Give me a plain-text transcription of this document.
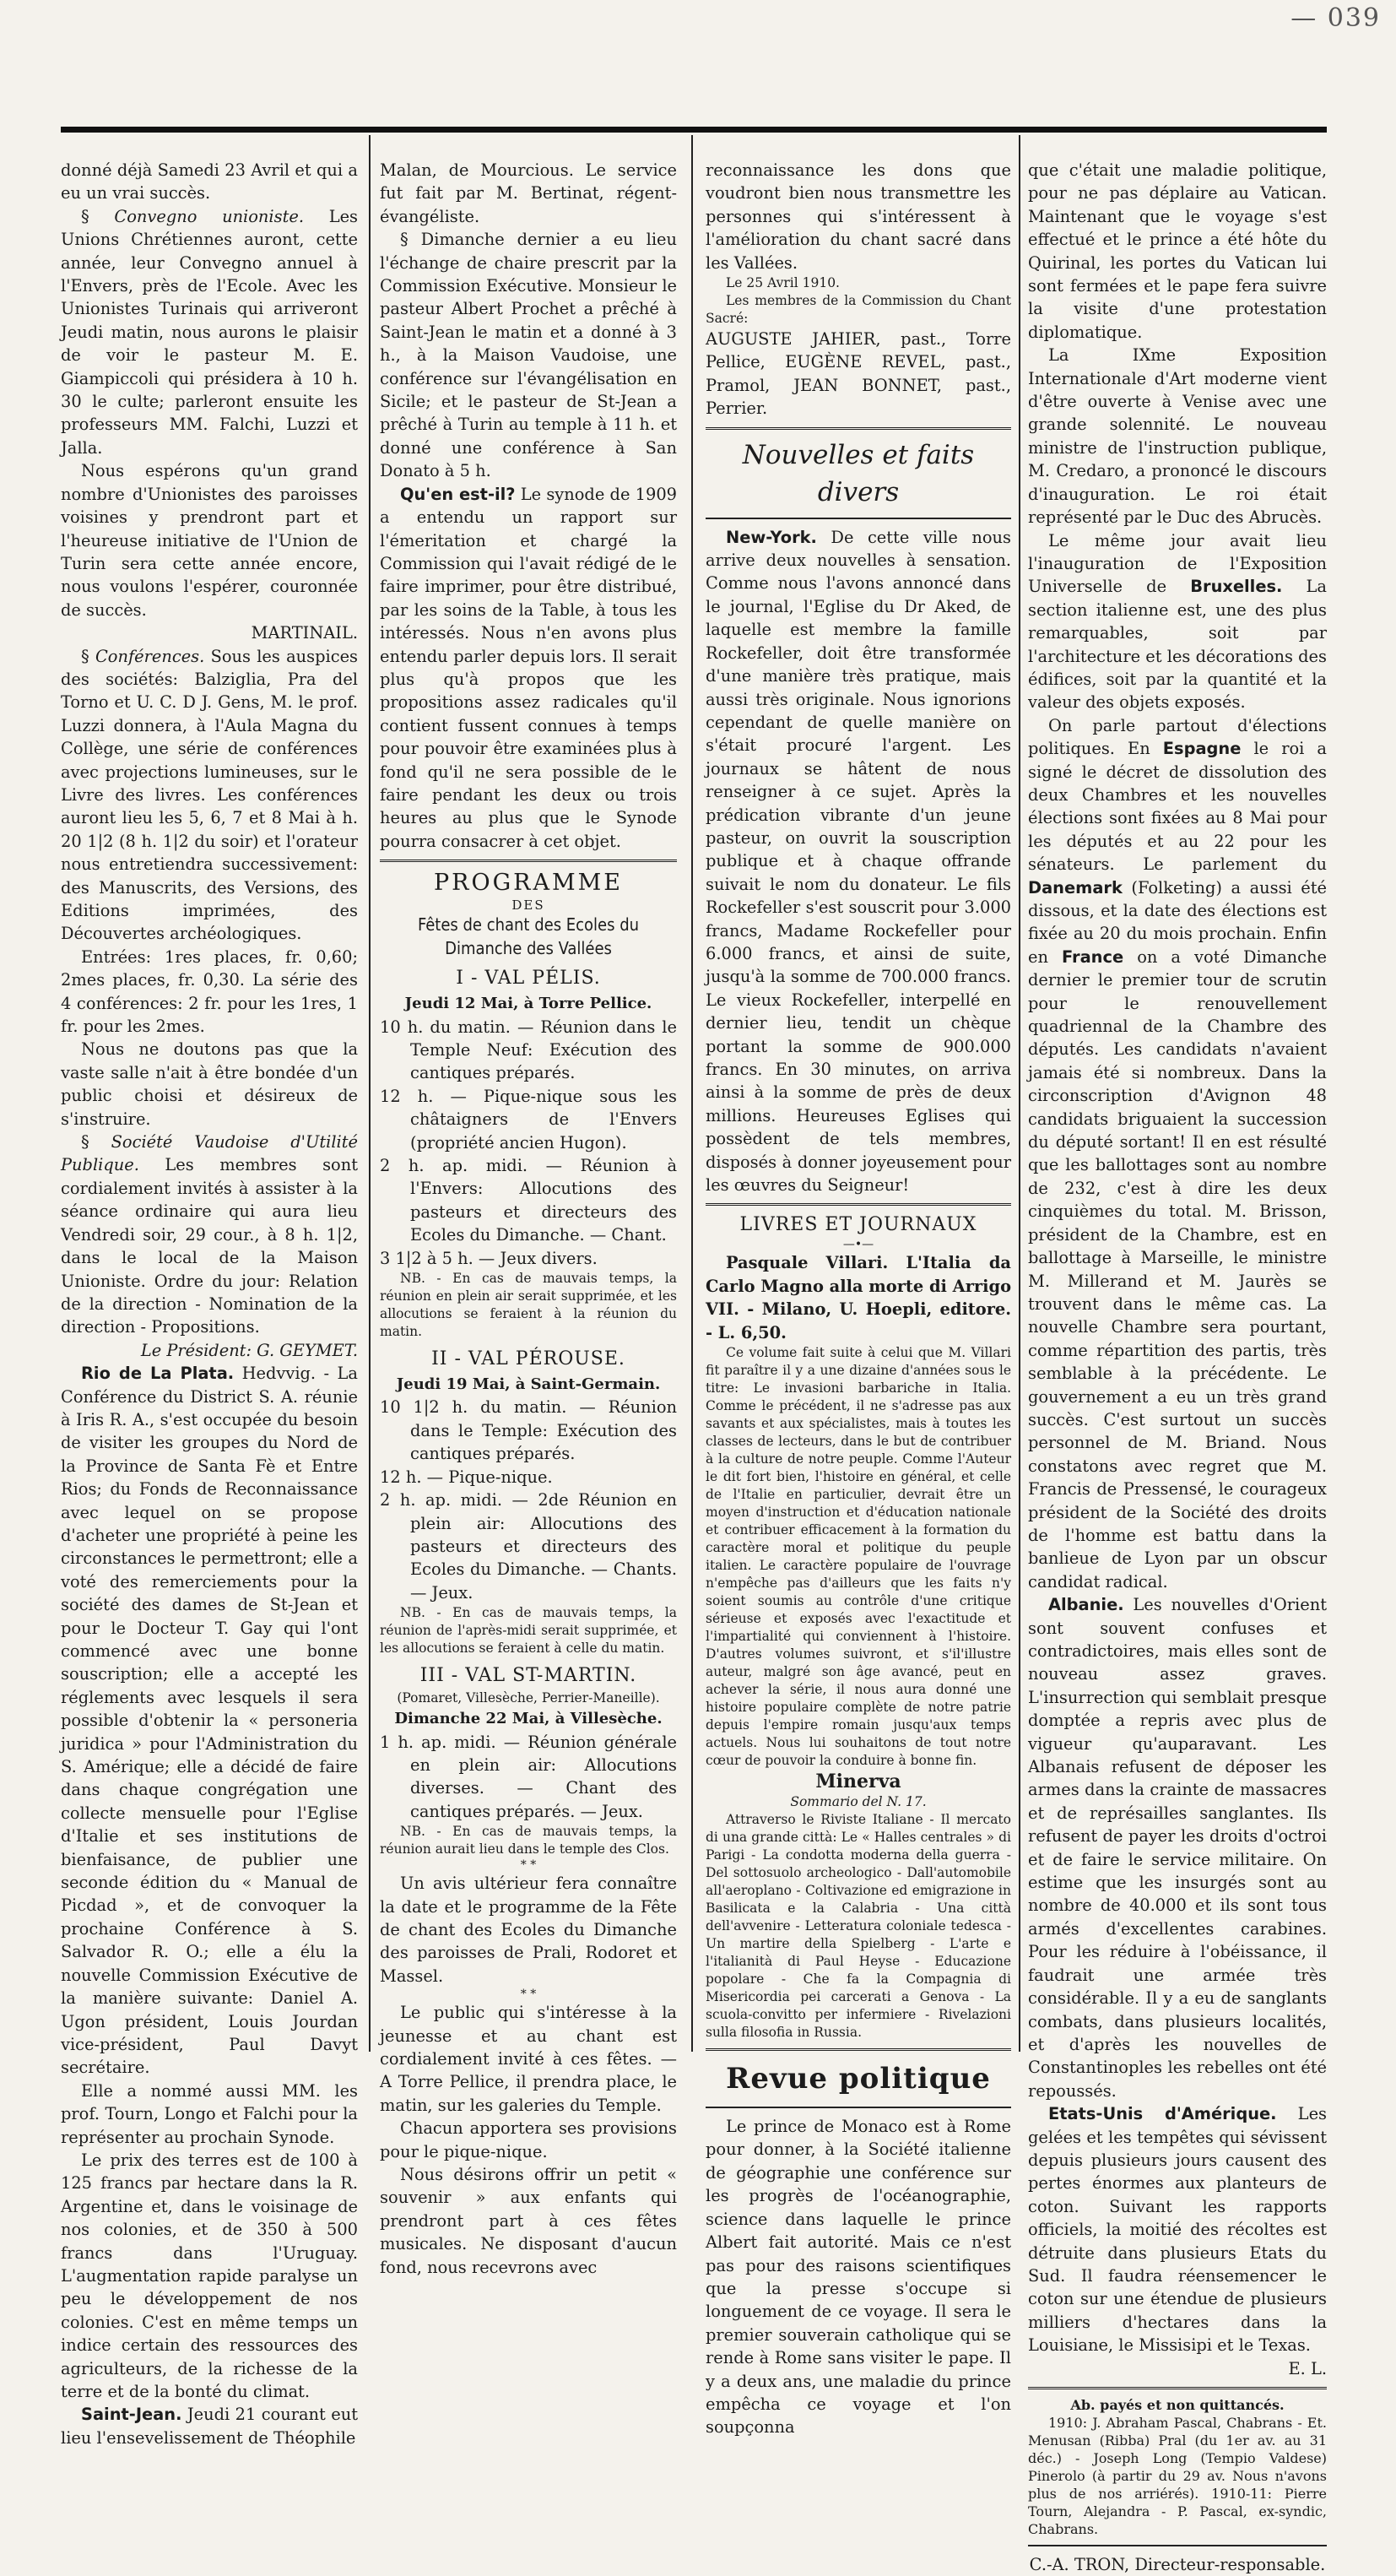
— 039

donné déjà Samedi 23 Avril et qui a eu un vrai succès.

§ Convegno unioniste. Les Unions Chrétiennes auront, cette année, leur Convegno annuel à l'Envers, près de l'Ecole. Avec les Unionistes Turinais qui arriveront Jeudi matin, nous aurons le plaisir de voir le pasteur M. E. Giampiccoli qui présidera à 10 h. 30 le culte; parleront ensuite les professeurs MM. Falchi, Luzzi et Jalla.

Nous espérons qu'un grand nombre d'Unionistes des paroisses voisines y prendront part et l'heureuse initiative de l'Union de Turin sera cette année encore, nous voulons l'espérer, couronnée de succès.

MARTINAIL.

§ Conférences. Sous les auspices des sociétés: Balziglia, Pra del Torno et U. C. D J. Gens, M. le prof. Luzzi donnera, à l'Aula Magna du Collège, une série de conférences avec projections lumineuses, sur le Livre des livres. Les conférences auront lieu les 5, 6, 7 et 8 Mai à h. 20 1|2 (8 h. 1|2 du soir) et l'orateur nous entretiendra successivement: des Manuscrits, des Versions, des Editions imprimées, des Découvertes archéologiques.

Entrées: 1res places, fr. 0,60; 2mes places, fr. 0,30. La série des 4 conférences: 2 fr. pour les 1res, 1 fr. pour les 2mes.

Nous ne doutons pas que la vaste salle n'ait à être bondée d'un public choisi et désireux de s'instruire.

§ Société Vaudoise d'Utilité Publique. Les membres sont cordialement invités à assister à la séance ordinaire qui aura lieu Vendredi soir, 29 cour., à 8 h. 1|2, dans le local de la Maison Unioniste. Ordre du jour: Relation de la direction - Nomination de la direction - Propositions.

Le Président: G. GEYMET.

Rio de La Plata. Hedvvig. - La Conférence du District S. A. réunie à Iris R. A., s'est occupée du besoin de visiter les groupes du Nord de la Province de Santa Fè et Entre Rios; du Fonds de Reconnaissance avec lequel on se propose d'acheter une propriété à peine les circonstances le permettront; elle a voté des remerciements pour la société des dames de St-Jean et pour le Docteur T. Gay qui l'ont commencé avec une bonne souscription; elle a accepté les réglements avec lesquels il sera possible d'obtenir la « personeria juridica » pour l'Administration du S. Amérique; elle a décidé de faire dans chaque congrégation une collecte mensuelle pour l'Eglise d'Italie et ses institutions de bienfaisance, de publier une seconde édition du « Manual de Picdad », et de convoquer la prochaine Conférence à S. Salvador R. O.; elle a élu la nouvelle Commission Exécutive de la manière suivante: Daniel A. Ugon président, Louis Jourdan vice-président, Paul Davyt secrétaire.

Elle a nommé aussi MM. les prof. Tourn, Longo et Falchi pour la représenter au prochain Synode.

Le prix des terres est de 100 à 125 francs par hectare dans la R. Argentine et, dans le voisinage de nos colonies, et de 350 à 500 francs dans l'Uruguay. L'augmentation rapide paralyse un peu le développement de nos colonies. C'est en même temps un indice certain des ressources des agriculteurs, de la richesse de la terre et de la bonté du climat.

Saint-Jean. Jeudi 21 courant eut lieu l'ensevelissement de Théophile

Malan, de Mourcious. Le service fut fait par M. Bertinat, régent-évangéliste.

§ Dimanche dernier a eu lieu l'échange de chaire prescrit par la Commission Exécutive. Monsieur le pasteur Albert Prochet a prêché à Saint-Jean le matin et a donné à 3 h., à la Maison Vaudoise, une conférence sur l'évangélisation en Sicile; et le pasteur de St-Jean a prêché à Turin au temple à 11 h. et donné une conférence à San Donato à 5 h.

Qu'en est-il? Le synode de 1909 a entendu un rapport sur l'émeritation et chargé la Commission qui l'avait rédigé de le faire imprimer, pour être distribué, par les soins de la Table, à tous les intéressés. Nous n'en avons plus entendu parler depuis lors. Il serait plus qu'à propos que les propositions assez radicales qu'il contient fussent connues à temps pour pouvoir être examinées plus à fond qu'il ne sera possible de le faire pendant les deux ou trois heures au plus que le Synode pourra consacrer à cet objet.

PROGRAMME
DES
Fêtes de chant des Ecoles du Dimanche des Vallées
I - VAL PÉLIS.
Jeudi 12 Mai, à Torre Pellice.

10 h. du matin. — Réunion dans le Temple Neuf: Exécution des cantiques préparés.

12 h. — Pique-nique sous les châtaigners de l'Envers (propriété ancien Hugon).

2 h. ap. midi. — Réunion à l'Envers: Allocutions des pasteurs et directeurs des Ecoles du Dimanche. — Chant.

3 1|2 à 5 h. — Jeux divers.

NB. - En cas de mauvais temps, la réunion en plein air serait supprimée, et les allocutions se feraient à la réunion du matin.

II - VAL PÉROUSE.
Jeudi 19 Mai, à Saint-Germain.

10 1|2 h. du matin. — Réunion dans le Temple: Exécution des cantiques préparés.

12 h. — Pique-nique.

2 h. ap. midi. — 2de Réunion en plein air: Allocutions des pasteurs et directeurs des Ecoles du Dimanche. — Chants. — Jeux.

NB. - En cas de mauvais temps, la réunion de l'après-midi serait supprimée, et les allocutions se feraient à celle du matin.

III - VAL ST-MARTIN.
(Pomaret, Villesèche, Perrier-Maneille).
Dimanche 22 Mai, à Villesèche.

1 h. ap. midi. — Réunion générale en plein air: Allocutions diverses. — Chant des cantiques préparés. — Jeux.

NB. - En cas de mauvais temps, la réunion aurait lieu dans le temple des Clos.

* *

Un avis ultérieur fera connaître la date et le programme de la Fête de chant des Ecoles du Dimanche des paroisses de Prali, Rodoret et Massel.

* *

Le public qui s'intéresse à la jeunesse et au chant est cordialement invité à ces fêtes. — A Torre Pellice, il prendra place, le matin, sur les galeries du Temple.

Chacun apportera ses provisions pour le pique-nique.

Nous désirons offrir un petit « souvenir » aux enfants qui prendront part à ces fêtes musicales. Ne disposant d'aucun fond, nous recevrons avec

reconnaissance les dons que voudront bien nous transmettre les personnes qui s'intéressent à l'amélioration du chant sacré dans les Vallées.

Le 25 Avril 1910.

Les membres de la Commission du Chant Sacré:

AUGUSTE JAHIER, past., Torre Pellice, EUGÈNE REVEL, past., Pramol, JEAN BONNET, past., Perrier.

Nouvelles et faits divers

New-York. De cette ville nous arrive deux nouvelles à sensation. Comme nous l'avons annoncé dans le journal, l'Eglise du Dr Aked, de laquelle est membre la famille Rockefeller, doit être transformée d'une manière très pratique, mais aussi très originale. Nous ignorions cependant de quelle manière on s'était procuré l'argent. Les journaux se hâtent de nous renseigner à ce sujet. Après la prédication vibrante d'un jeune pasteur, on ouvrit la souscription publique et à chaque offrande suivait le nom du donateur. Le fils Rockefeller s'est souscrit pour 3.000 francs, Madame Rockefeller pour 6.000 francs, et ainsi de suite, jusqu'à la somme de 700.000 francs. Le vieux Rockefeller, interpellé en dernier lieu, tendit un chèque portant la somme de 900.000 francs. En 30 minutes, on arriva ainsi à la somme de près de deux millions. Heureuses Eglises qui possèdent de tels membres, disposés à donner joyeusement pour les œuvres du Seigneur!

LIVRES ET JOURNAUX
—•—

Pasquale Villari. L'Italia da Carlo Magno alla morte di Arrigo VII. - Milano, U. Hoepli, editore. - L. 6,50.

Ce volume fait suite à celui que M. Villari fit paraître il y a une dizaine d'années sous le titre: Le invasioni barbariche in Italia. Comme le précédent, il ne s'adresse pas aux savants et aux spécialistes, mais à toutes les classes de lecteurs, dans le but de contribuer à la culture de notre peuple. Comme l'Auteur le dit fort bien, l'histoire en général, et celle de l'Italie en particulier, devrait être un moyen d'instruction et d'éducation nationale et contribuer efficacement à la formation du caractère moral et politique du peuple italien. Le caractère populaire de l'ouvrage n'empêche pas d'ailleurs que les faits n'y soient soumis au contrôle d'une critique sérieuse et exposés avec l'exactitude et l'impartialité qui conviennent à l'histoire. D'autres volumes suivront, et s'il'illustre auteur, malgré son âge avancé, peut en achever la série, il nous aura donné une histoire populaire complète de notre patrie depuis l'empire romain jusqu'aux temps actuels. Nous lui souhaitons de tout notre cœur de pouvoir la conduire à bonne fin.

Minerva
Sommario del N. 17.

Attraverso le Riviste Italiane - Il mercato di una grande città: Le « Halles centrales » di Parigi - La condotta moderna della guerra - Del sottosuolo archeologico - Dall'automobile all'aeroplano - Coltivazione ed emigrazione in Basilicata e la Calabria - Una città dell'avvenire - Letteratura coloniale tedesca - Un martire della Spielberg - L'arte e l'italianità di Paul Heyse - Educazione popolare - Che fa la Compagnia di Misericordia pei carcerati a Genova - La scuola-convitto per infermiere - Rivelazioni sulla filosofia in Russia.

Revue politique

Le prince de Monaco est à Rome pour donner, à la Société italienne de géographie une conférence sur les progrès de l'océanographie, science dans laquelle le prince Albert fait autorité. Mais ce n'est pas pour des raisons scientifiques que la presse s'occupe si longuement de ce voyage. Il sera le premier souverain catholique qui se rende à Rome sans visiter le pape. Il y a deux ans, une maladie du prince empêcha ce voyage et l'on soupçonna

que c'était une maladie politique, pour ne pas déplaire au Vatican. Maintenant que le voyage s'est effectué et le prince a été hôte du Quirinal, les portes du Vatican lui sont fermées et le pape fera suivre la visite d'une protestation diplomatique.

La IXme Exposition Internationale d'Art moderne vient d'être ouverte à Venise avec une grande solennité. Le nouveau ministre de l'instruction publique, M. Credaro, a prononcé le discours d'inauguration. Le roi était représenté par le Duc des Abrucès.

Le même jour avait lieu l'inauguration de l'Exposition Universelle de Bruxelles. La section italienne est, une des plus remarquables, soit par l'architecture et les décorations des édifices, soit par la quantité et la valeur des objets exposés.

On parle partout d'élections politiques. En Espagne le roi a signé le décret de dissolution des deux Chambres et les nouvelles élections sont fixées au 8 Mai pour les députés et au 22 pour les sénateurs. Le parlement du Danemark (Folketing) a aussi été dissous, et la date des élections est fixée au 20 du mois prochain. Enfin en France on a voté Dimanche dernier le premier tour de scrutin pour le renouvellement quadriennal de la Chambre des députés. Les candidats n'avaient jamais été si nombreux. Dans la circonscription d'Avignon 48 candidats briguaient la succession du député sortant! Il en est résulté que les ballottages sont au nombre de 232, c'est à dire les deux cinquièmes du total. M. Brisson, président de la Chambre, est en ballottage à Marseille, le ministre M. Millerand et M. Jaurès se trouvent dans le même cas. La nouvelle Chambre sera pourtant, comme répartition des partis, très semblable à la précédente. Le gouvernement a eu un très grand succès. C'est surtout un succès personnel de M. Briand. Nous constatons avec regret que M. Francis de Pressensé, le courageux président de la Société des droits de l'homme est battu dans la banlieue de Lyon par un obscur candidat radical.

Albanie. Les nouvelles d'Orient sont souvent confuses et contradictoires, mais elles sont de nouveau assez graves. L'insurrection qui semblait presque domptée a repris avec plus de vigueur qu'auparavant. Les Albanais refusent de déposer les armes dans la crainte de massacres et de représailles sanglantes. Ils refusent de payer les droits d'octroi et de faire le service militaire. On estime que les insurgés sont au nombre de 40.000 et ils sont tous armés d'excellentes carabines. Pour les réduire à l'obéissance, il faudrait une armée très considérable. Il y a eu de sanglants combats, dans plusieurs localités, et d'après les nouvelles de Constantinoples les rebelles ont été repoussés.

Etats-Unis d'Amérique. Les gelées et les tempêtes qui sévissent depuis plusieurs jours causent des pertes énormes aux planteurs de coton. Suivant les rapports officiels, la moitié des récoltes est détruite dans plusieurs Etats du Sud. Il faudra réensemencer le coton sur une étendue de plusieurs milliers d'hectares dans la Louisiane, le Missisipi et le Texas.

E. L.
Ab. payés et non quittancés.

1910: J. Abraham Pascal, Chabrans - Et. Menusan (Ribba) Pral (du 1er av. au 31 déc.) - Joseph Long (Tempio Valdese) Pinerolo (à partir du 29 av. Nous n'avons plus de nos arriérés). 1910-11: Pierre Tourn, Alejandra - P. Pascal, ex-syndic, Chabrans.

C.-A. TRON, Directeur-responsable.
